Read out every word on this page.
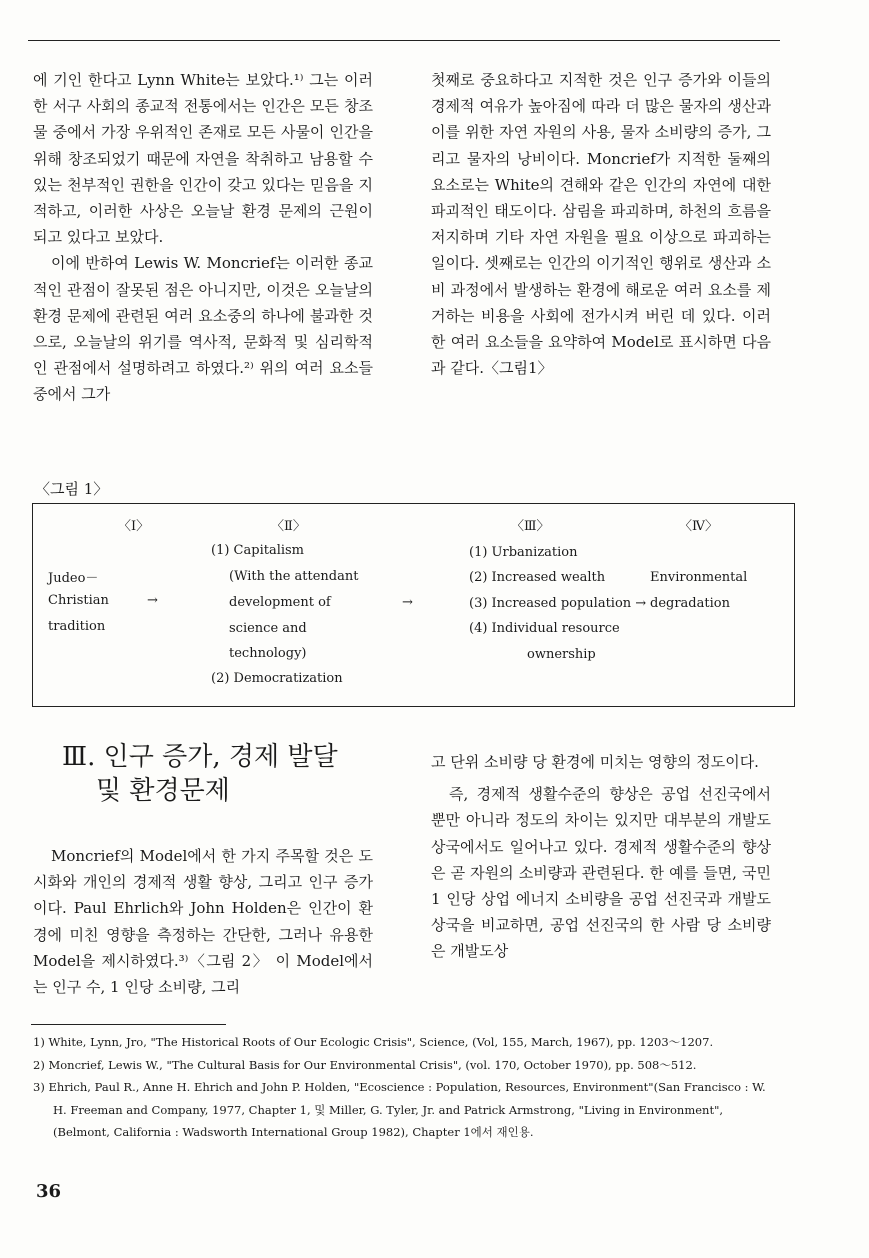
에 기인 한다고 Lynn White는 보았다.¹⁾ 그는 이러한 서구 사회의 종교적 전통에서는 인간은 모든 창조물 중에서 가장 우위적인 존재로 모든 사물이 인간을 위해 창조되었기 때문에 자연을 착취하고 남용할 수 있는 천부적인 권한을 인간이 갖고 있다는 믿음을 지적하고, 이러한 사상은 오늘날 환경 문제의 근원이 되고 있다고 보았다.

이에 반하여 Lewis W. Moncrief는 이러한 종교적인 관점이 잘못된 점은 아니지만, 이것은 오늘날의 환경 문제에 관련된 여러 요소중의 하나에 불과한 것으로, 오늘날의 위기를 역사적, 문화적 및 심리학적인 관점에서 설명하려고 하였다.²⁾ 위의 여러 요소들 중에서 그가

첫째로 중요하다고 지적한 것은 인구 증가와 이들의 경제적 여유가 높아짐에 따라 더 많은 물자의 생산과 이를 위한 자연 자원의 사용, 물자 소비량의 증가, 그리고 물자의 낭비이다. Moncrief가 지적한 둘째의 요소로는 White의 견해와 같은 인간의 자연에 대한 파괴적인 태도이다. 삼림을 파괴하며, 하천의 흐름을 저지하며 기타 자연 자원을 필요 이상으로 파괴하는 일이다. 셋째로는 인간의 이기적인 행위로 생산과 소비 과정에서 발생하는 환경에 해로운 여러 요소를 제거하는 비용을 사회에 전가시켜 버린 데 있다. 이러한 여러 요소들을 요약하여 Model로 표시하면 다음과 같다.〈그림1〉

〈그림 1〉
〈Ⅰ〉	〈Ⅱ〉	〈Ⅲ〉	〈Ⅳ〉
Judeo－
Christian
tradition
→
(1) Capitalism
(With the attendant
development of
science and
technology)
(2) Democratization
→
(1) Urbanization
(2) Increased wealth
(3) Increased population →
(4) Individual resource
ownership
Environmental
degradation
Ⅲ. 인구 증가, 경제 발달
및 환경문제

Moncrief의 Model에서 한 가지 주목할 것은 도시화와 개인의 경제적 생활 향상, 그리고 인구 증가이다. Paul Ehrlich와 John Holden은 인간이 환경에 미친 영향을 측정하는 간단한, 그러나 유용한 Model을 제시하였다.³⁾〈그림 2〉 이 Model에서는 인구 수, 1 인당 소비량, 그리

고 단위 소비량 당 환경에 미치는 영향의 정도이다.

즉, 경제적 생활수준의 향상은 공업 선진국에서 뿐만 아니라 정도의 차이는 있지만 대부분의 개발도상국에서도 일어나고 있다. 경제적 생활수준의 향상은 곧 자원의 소비량과 관련된다. 한 예를 들면, 국민 1 인당 상업 에너지 소비량을 공업 선진국과 개발도상국을 비교하면, 공업 선진국의 한 사람 당 소비량은 개발도상

1) White, Lynn, Jro, "The Historical Roots of Our Ecologic Crisis", Science, (Vol, 155, March, 1967), pp. 1203～1207.

2) Moncrief, Lewis W., "The Cultural Basis for Our Environmental Crisis", (vol. 170, October 1970), pp. 508～512.

3) Ehrich, Paul R., Anne H. Ehrich and John P. Holden, "Ecoscience : Population, Resources, Environment"(San Francisco : W. H. Freeman and Company, 1977, Chapter 1, 및 Miller, G. Tyler, Jr. and Patrick Armstrong, "Living in Environment", (Belmont, California : Wadsworth International Group 1982), Chapter 1에서 재인용.

36
